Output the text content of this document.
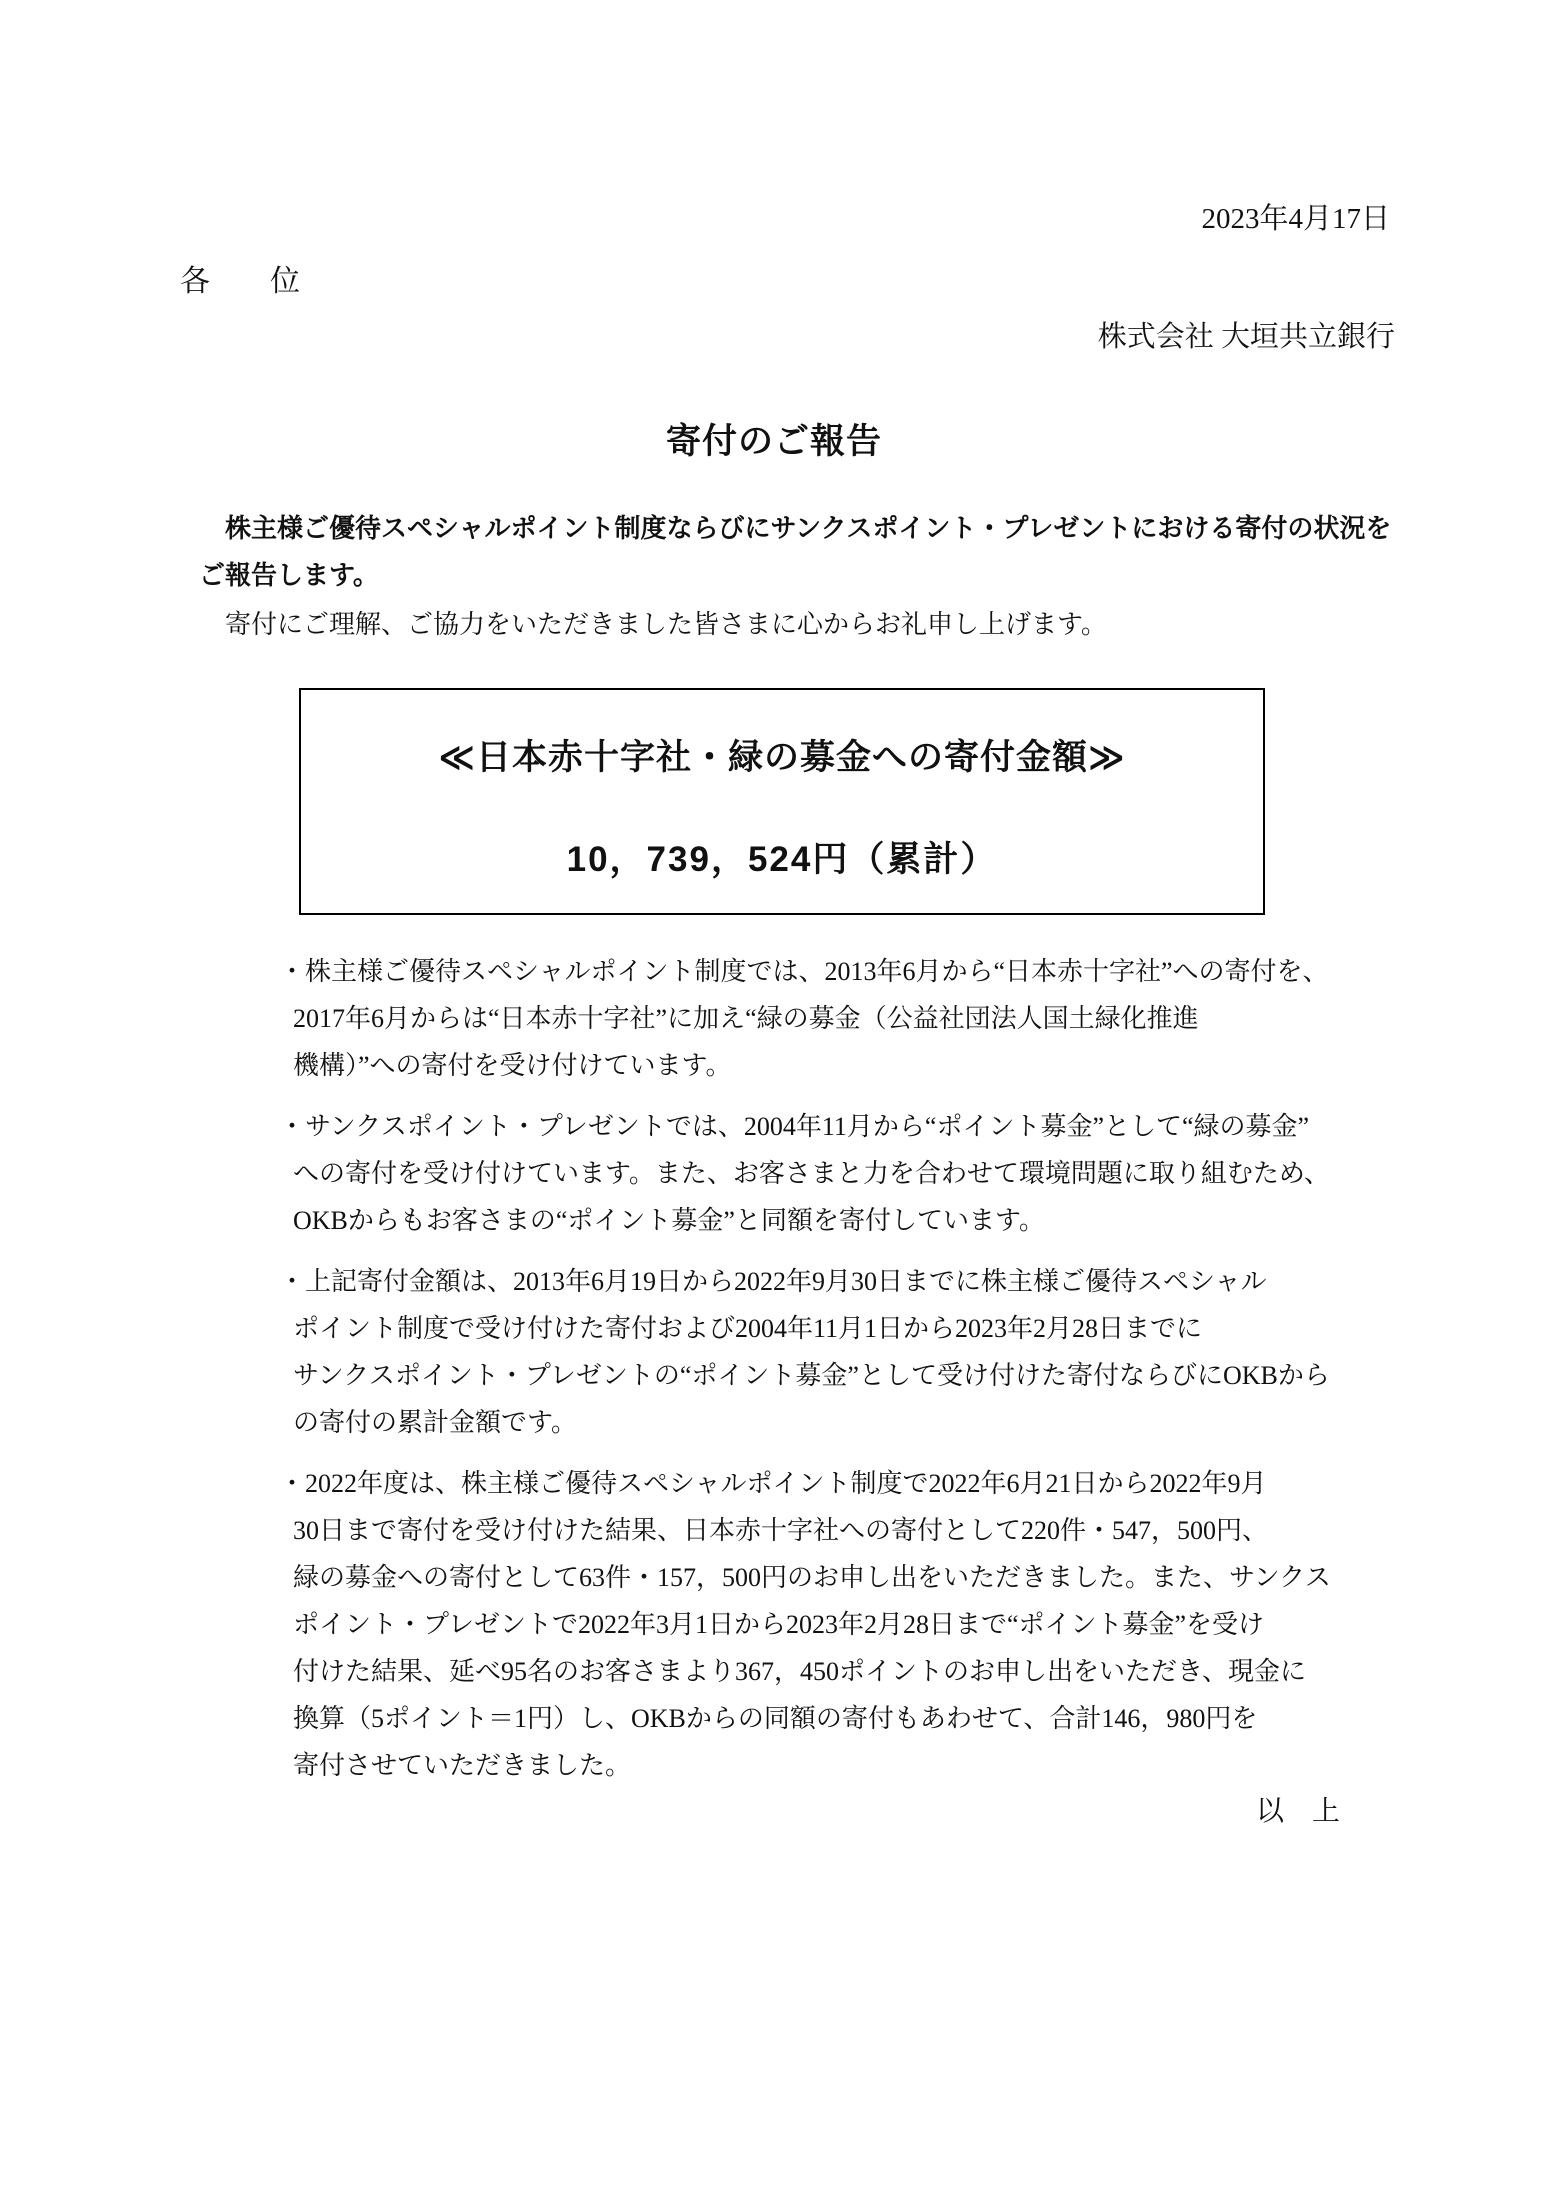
2023年4月17日
各　　位
株式会社 大垣共立銀行
寄付のご報告
株主様ご優待スペシャルポイント制度ならびにサンクスポイント・プレゼントにおける寄付の状況を
ご報告します。
寄付にご理解、ご協力をいただきました皆さまに心からお礼申し上げます。
≪日本赤十字社・緑の募金への寄付金額≫
10，739，524円（累計）
・株主様ご優待スペシャルポイント制度では、2013年6月から“日本赤十字社”への寄付を、
2017年6月からは“日本赤十字社”に加え“緑の募金（公益社団法人国土緑化推進
機構）”への寄付を受け付けています。
・サンクスポイント・プレゼントでは、2004年11月から“ポイント募金”として“緑の募金”
への寄付を受け付けています。また、お客さまと力を合わせて環境問題に取り組むため、
OKBからもお客さまの“ポイント募金”と同額を寄付しています。
・上記寄付金額は、2013年6月19日から2022年9月30日までに株主様ご優待スペシャル
ポイント制度で受け付けた寄付および2004年11月1日から2023年2月28日までに
サンクスポイント・プレゼントの“ポイント募金”として受け付けた寄付ならびにOKBから
の寄付の累計金額です。
・2022年度は、株主様ご優待スペシャルポイント制度で2022年6月21日から2022年9月
30日まで寄付を受け付けた結果、日本赤十字社への寄付として220件・547，500円、
緑の募金への寄付として63件・157，500円のお申し出をいただきました。また、サンクス
ポイント・プレゼントで2022年3月1日から2023年2月28日まで“ポイント募金”を受け
付けた結果、延べ95名のお客さまより367，450ポイントのお申し出をいただき、現金に
換算（5ポイント＝1円）し、OKBからの同額の寄付もあわせて、合計146，980円を
寄付させていただきました。
以　上
